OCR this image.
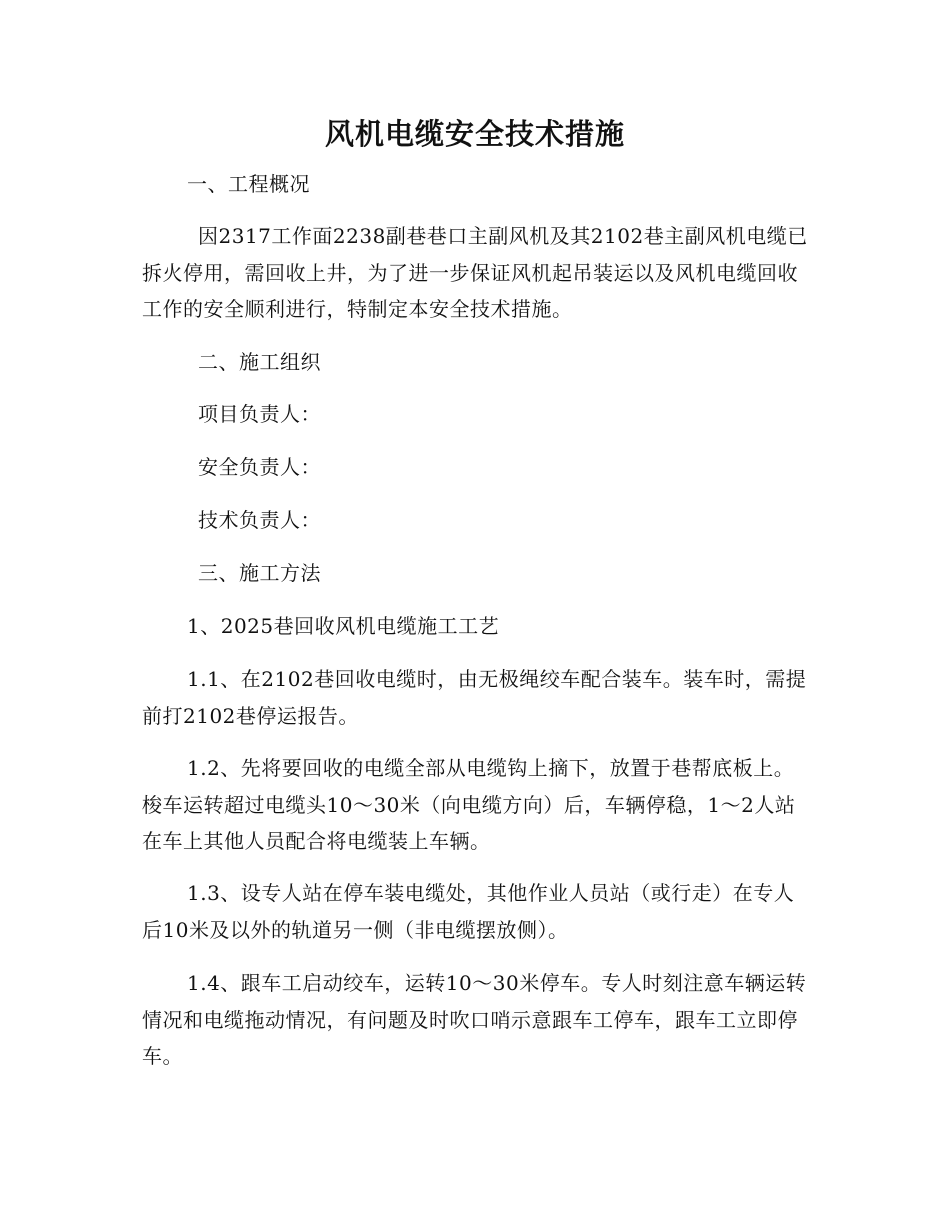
风机电缆安全技术措施
一、工程概况
因2317工作面2238副巷巷口主副风机及其2102巷主副风机电缆已拆火停用，需回收上井，为了进一步保证风机起吊装运以及风机电缆回收工作的安全顺利进行，特制定本安全技术措施。
二、施工组织
项目负责人：
安全负责人：
技术负责人：
三、施工方法
1、2025巷回收风机电缆施工工艺
1.1、在2102巷回收电缆时，由无极绳绞车配合装车。装车时，需提前打2102巷停运报告。
1.2、先将要回收的电缆全部从电缆钩上摘下，放置于巷帮底板上。梭车运转超过电缆头10～30米（向电缆方向）后，车辆停稳，1～2人站在车上其他人员配合将电缆装上车辆。
1.3、设专人站在停车装电缆处，其他作业人员站（或行走）在专人后10米及以外的轨道另一侧（非电缆摆放侧）。
1.4、跟车工启动绞车，运转10～30米停车。专人时刻注意车辆运转情况和电缆拖动情况，有问题及时吹口哨示意跟车工停车，跟车工立即停车。
